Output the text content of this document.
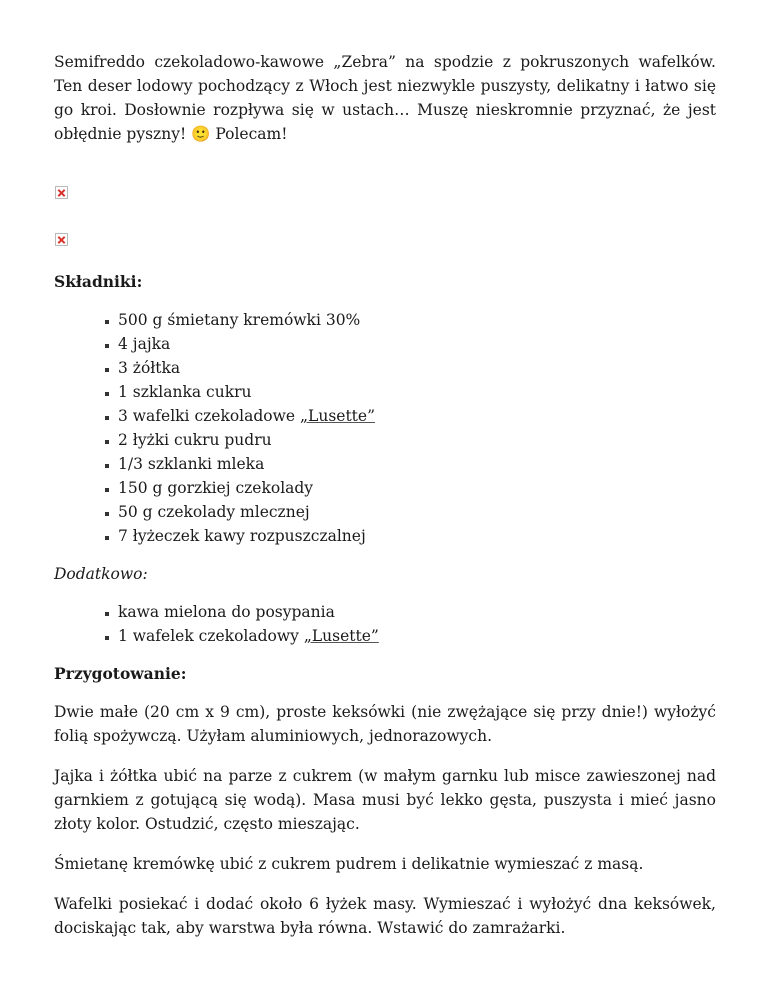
Semifreddo czekoladowo-kawowe „Zebra” na spodzie z pokruszonych wafelków. Ten deser lodowy pochodzący z Włoch jest niezwykle puszysty, delikatny i łatwo się go kroi. Dosłownie rozpływa się w ustach… Muszę nieskromnie przyznać, że jest obłędnie pyszny! 🙂 Polecam!

Składniki:

500 g śmietany kremówki 30%
4 jajka
3 żółtka
1 szklanka cukru
3 wafelki czekoladowe „Lusette”
2 łyżki cukru pudru
1/3 szklanki mleka
150 g gorzkiej czekolady
50 g czekolady mlecznej
7 łyżeczek kawy rozpuszczalnej

Dodatkowo:

kawa mielona do posypania
1 wafelek czekoladowy „Lusette”

Przygotowanie:

Dwie małe (20 cm x 9 cm), proste keksówki (nie zwężające się przy dnie!) wyłożyć folią spożywczą. Użyłam aluminiowych, jednorazowych.

Jajka i żółtka ubić na parze z cukrem (w małym garnku lub misce zawieszonej nad garnkiem z gotującą się wodą). Masa musi być lekko gęsta, puszysta i mieć jasno złoty kolor. Ostudzić, często mieszając.

Śmietanę kremówkę ubić z cukrem pudrem i delikatnie wymieszać z masą.

Wafelki posiekać i dodać około 6 łyżek masy. Wymieszać i wyłożyć dna keksówek, dociskając tak, aby warstwa była równa. Wstawić do zamrażarki.
